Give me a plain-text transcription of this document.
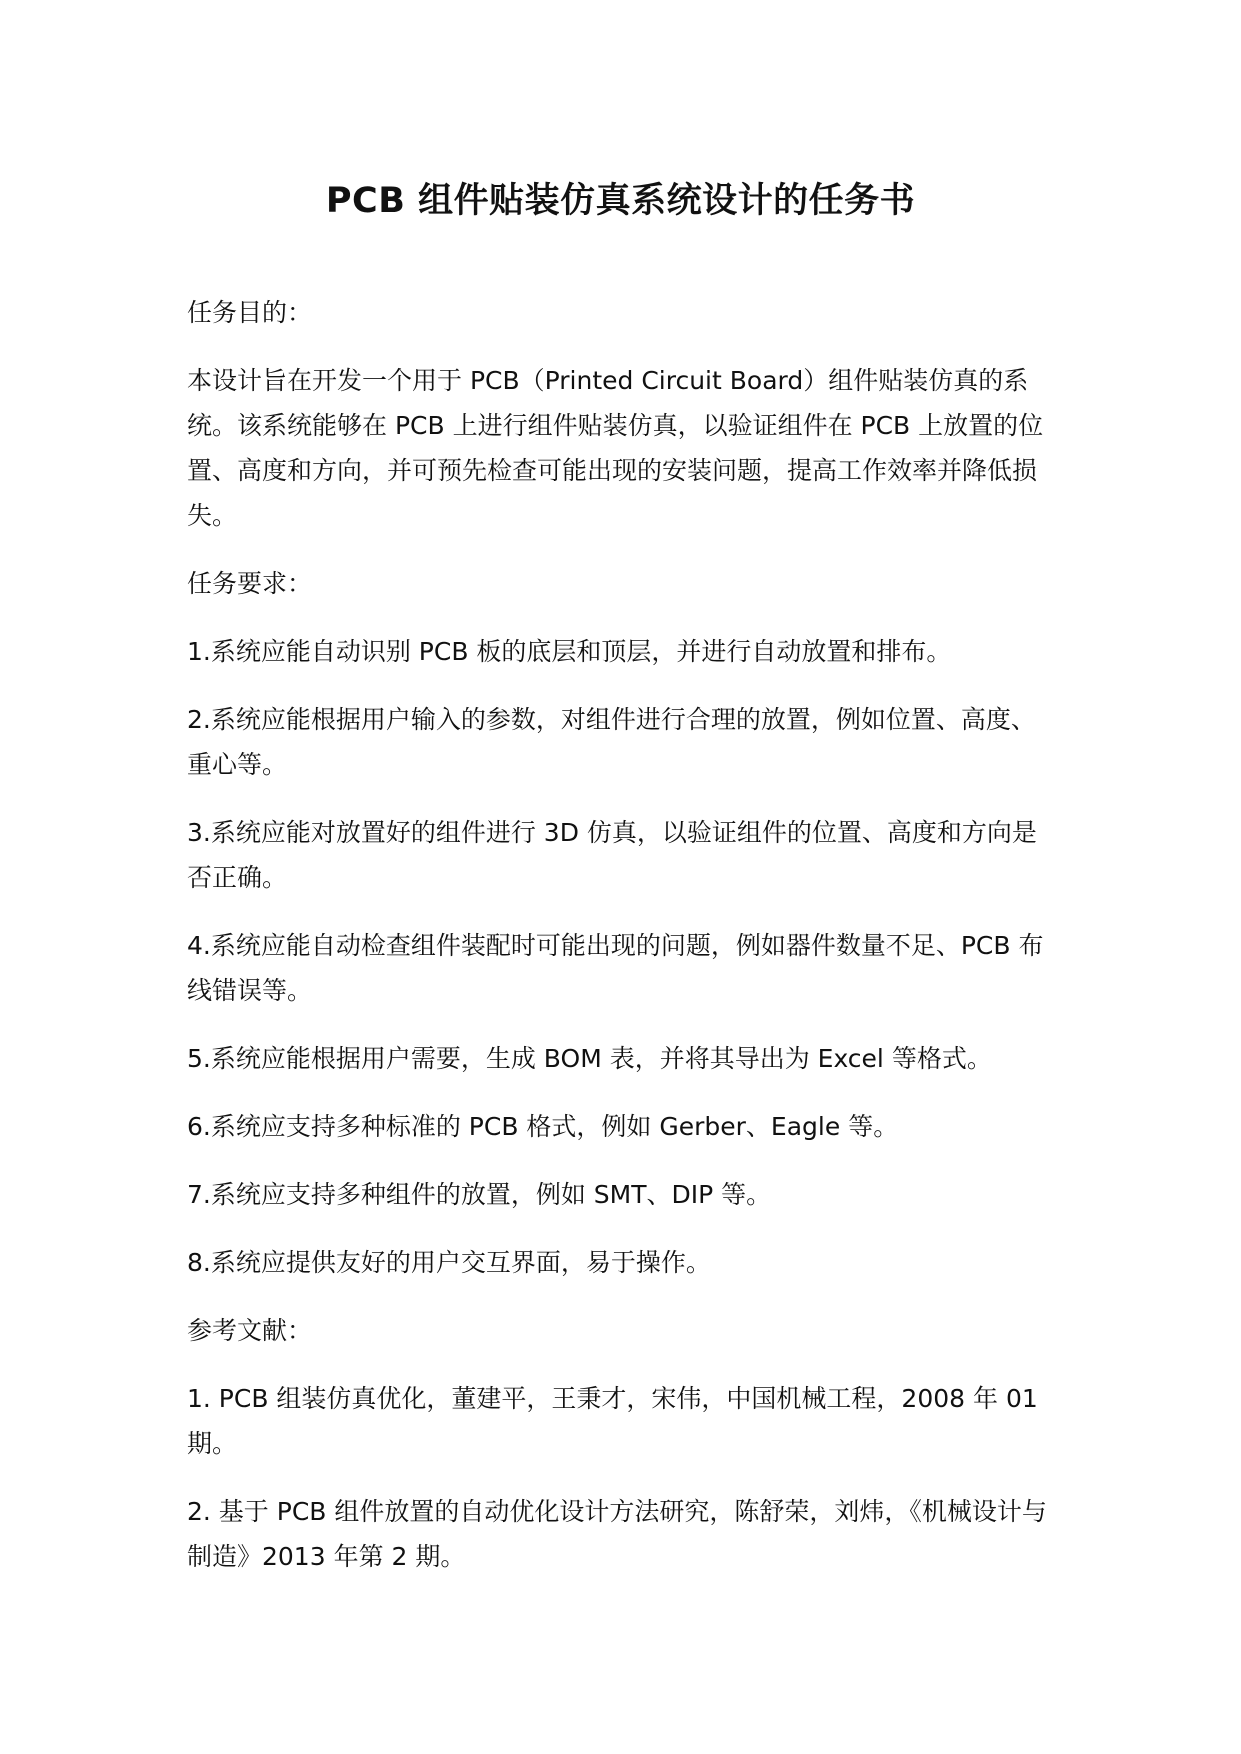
PCB 组件贴装仿真系统设计的任务书

任务目的：

本设计旨在开发一个用于 PCB（Printed Circuit Board）组件贴装仿真的系统。该系统能够在 PCB 上进行组件贴装仿真，以验证组件在 PCB 上放置的位置、高度和方向，并可预先检查可能出现的安装问题，提高工作效率并降低损失。

任务要求：

1.系统应能自动识别 PCB 板的底层和顶层，并进行自动放置和排布。

2.系统应能根据用户输入的参数，对组件进行合理的放置，例如位置、高度、重心等。

3.系统应能对放置好的组件进行 3D 仿真，以验证组件的位置、高度和方向是否正确。

4.系统应能自动检查组件装配时可能出现的问题，例如器件数量不足、PCB 布线错误等。

5.系统应能根据用户需要，生成 BOM 表，并将其导出为 Excel 等格式。

6.系统应支持多种标准的 PCB 格式，例如 Gerber、Eagle 等。

7.系统应支持多种组件的放置，例如 SMT、DIP 等。

8.系统应提供友好的用户交互界面，易于操作。

参考文献：

1. PCB 组装仿真优化，董建平，王秉才，宋伟，中国机械工程，2008 年 01 期。

2. 基于 PCB 组件放置的自动优化设计方法研究，陈舒荣，刘炜，《机械设计与制造》2013 年第 2 期。
